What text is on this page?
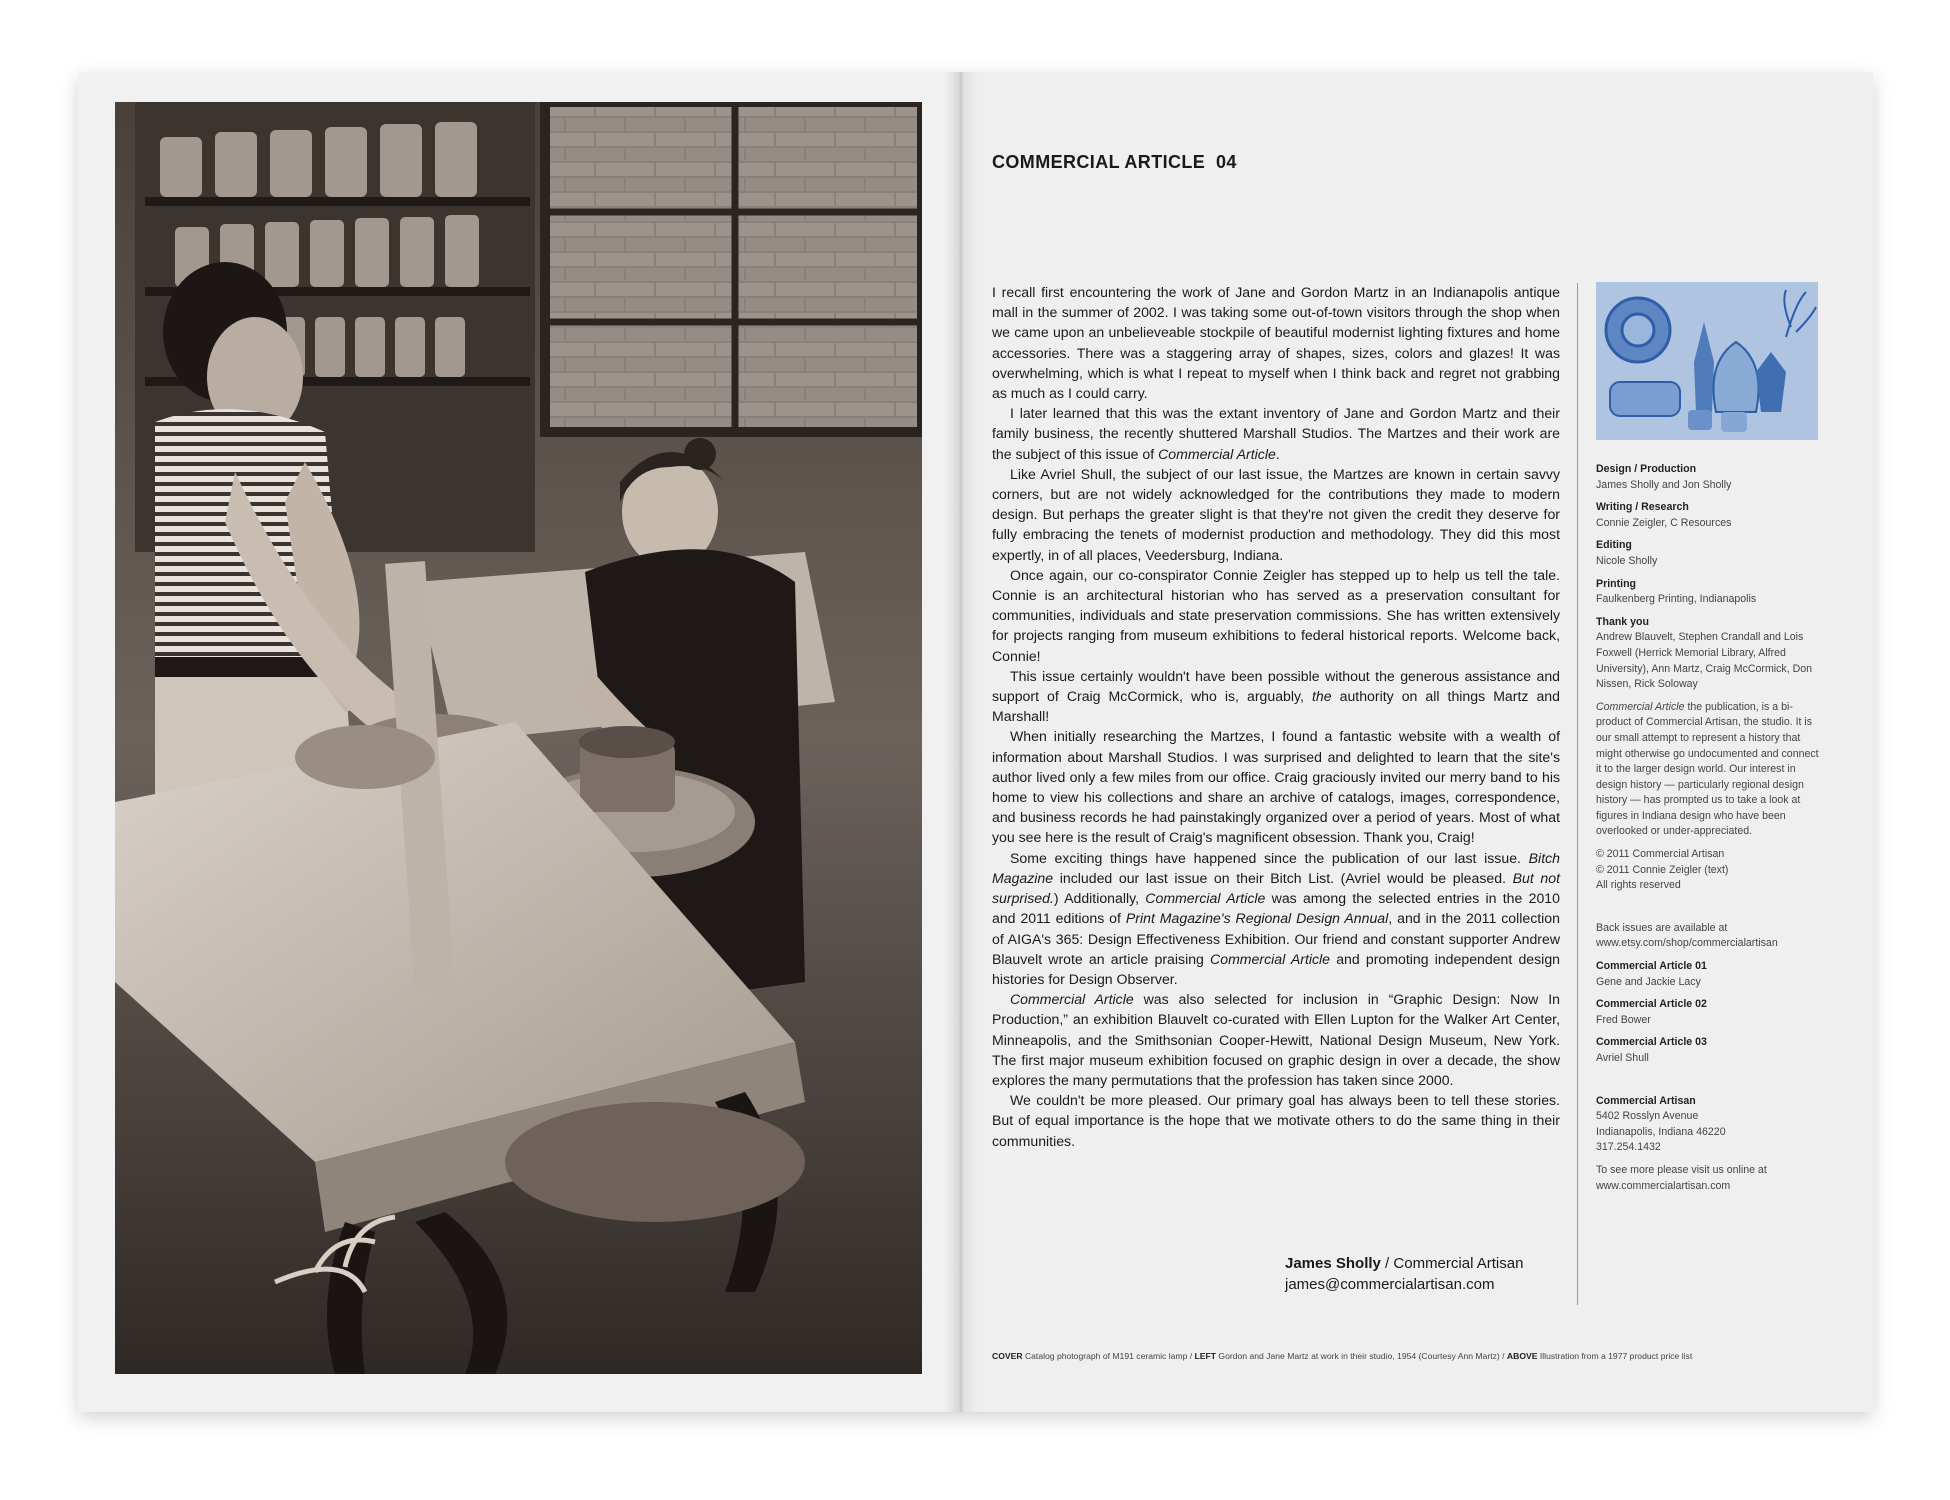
COMMERCIAL ARTICLE  04

I recall first encountering the work of Jane and Gordon Martz in an Indianapolis antique mall in the summer of 2002. I was taking some out-of-town visitors through the shop when we came upon an unbelieveable stockpile of beautiful modernist lighting fixtures and home accessories. There was a staggering array of shapes, sizes, colors and glazes! It was overwhelming, which is what I repeat to myself when I think back and regret not grabbing as much as I could carry.

I later learned that this was the extant inventory of Jane and Gordon Martz and their family business, the recently shuttered Marshall Studios. The Martzes and their work are the subject of this issue of Commercial Article.

Like Avriel Shull, the subject of our last issue, the Martzes are known in certain savvy corners, but are not widely acknowledged for the contributions they made to modern design. But perhaps the greater slight is that they're not given the credit they deserve for fully embracing the tenets of modernist production and methodology. They did this most expertly, in of all places, Veedersburg, Indiana.

Once again, our co-conspirator Connie Zeigler has stepped up to help us tell the tale. Connie is an architectural historian who has served as a preservation consultant for communities, individuals and state preservation commissions. She has written extensively for projects ranging from museum exhibitions to federal historical reports. Welcome back, Connie!

This issue certainly wouldn't have been possible without the generous assistance and support of Craig McCormick, who is, arguably, the authority on all things Martz and Marshall!

When initially researching the Martzes, I found a fantastic website with a wealth of information about Marshall Studios. I was surprised and delighted to learn that the site's author lived only a few miles from our office. Craig graciously invited our merry band to his home to view his collections and share an archive of catalogs, images, correspondence, and business records he had painstakingly organized over a period of years. Most of what you see here is the result of Craig's magnificent obsession. Thank you, Craig!

Some exciting things have happened since the publication of our last issue. Bitch Magazine included our last issue on their Bitch List. (Avriel would be pleased. But not surprised.) Additionally, Commercial Article was among the selected entries in the 2010 and 2011 editions of Print Magazine's Regional Design Annual, and in the 2011 collection of AIGA's 365: Design Effectiveness Exhibition. Our friend and constant supporter Andrew Blauvelt wrote an article praising Commercial Article and promoting independent design histories for Design Observer.

Commercial Article was also selected for inclusion in “Graphic Design: Now In Production,” an exhibition Blauvelt co-curated with Ellen Lupton for the Walker Art Center, Minneapolis, and the Smithsonian Cooper-Hewitt, National Design Museum, New York. The first major museum exhibition focused on graphic design in over a decade, the show explores the many permutations that the profession has taken since 2000.

We couldn't be more pleased. Our primary goal has always been to tell these stories. But of equal importance is the hope that we motivate others to do the same thing in their communities.

James Sholly / Commercial Artisan
james@commercialartisan.com
Design / Production
James Sholly and Jon Sholly
Writing / Research
Connie Zeigler, C Resources
Editing
Nicole Sholly
Printing
Faulkenberg Printing, Indianapolis
Thank you
Andrew Blauvelt, Stephen Crandall and Lois Foxwell (Herrick Memorial Library, Alfred University), Ann Martz, Craig McCormick, Don Nissen, Rick Soloway
Commercial Article the publication, is a bi-product of Commercial Artisan, the studio. It is our small attempt to represent a history that might otherwise go undocumented and connect it to the larger design world. Our interest in design history — particularly regional design history — has prompted us to take a look at figures in Indiana design who have been overlooked or under-appreciated.
© 2011 Commercial Artisan
© 2011 Connie Zeigler (text)
All rights reserved
Back issues are available at
www.etsy.com/shop/commercialartisan
Commercial Article 01
Gene and Jackie Lacy
Commercial Article 02
Fred Bower
Commercial Article 03
Avriel Shull
Commercial Artisan
5402 Rosslyn Avenue
Indianapolis, Indiana 46220
317.254.1432
To see more please visit us online at
www.commercialartisan.com
COVER Catalog photograph of M191 ceramic lamp / LEFT Gordon and Jane Martz at work in their studio, 1954 (Courtesy Ann Martz) / ABOVE Illustration from a 1977 product price list
